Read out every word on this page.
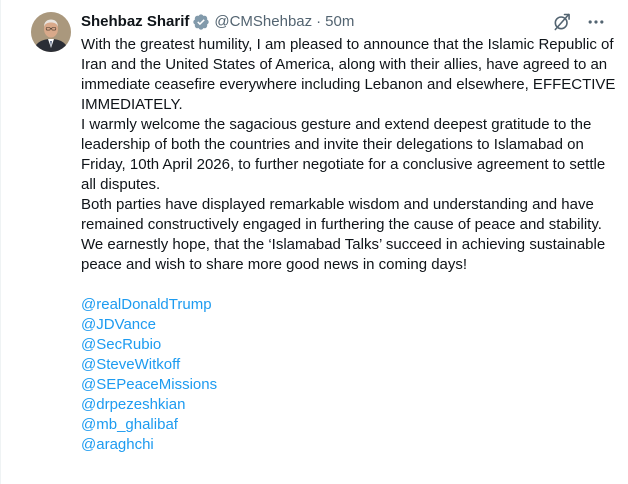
Shehbaz Sharif @CMShehbaz · 50m

With the greatest humility, I am pleased to announce that the Islamic Republic of Iran and the United States of America, along with their allies, have agreed to an immediate ceasefire everywhere including Lebanon and elsewhere, EFFECTIVE IMMEDIATELY.

I warmly welcome the sagacious gesture and extend deepest gratitude to the leadership of both the countries and invite their delegations to Islamabad on Friday, 10th April 2026, to further negotiate for a conclusive agreement to settle all disputes.

Both parties have displayed remarkable wisdom and understanding and have remained constructively engaged in furthering the cause of peace and stability. We earnestly hope, that the ‘Islamabad Talks’ succeed in achieving sustainable peace and wish to share more good news in coming days!

@realDonaldTrump
@JDVance
@SecRubio
@SteveWitkoff
@SEPeaceMissions
@drpezeshkian
@mb_ghalibaf
@araghchi
